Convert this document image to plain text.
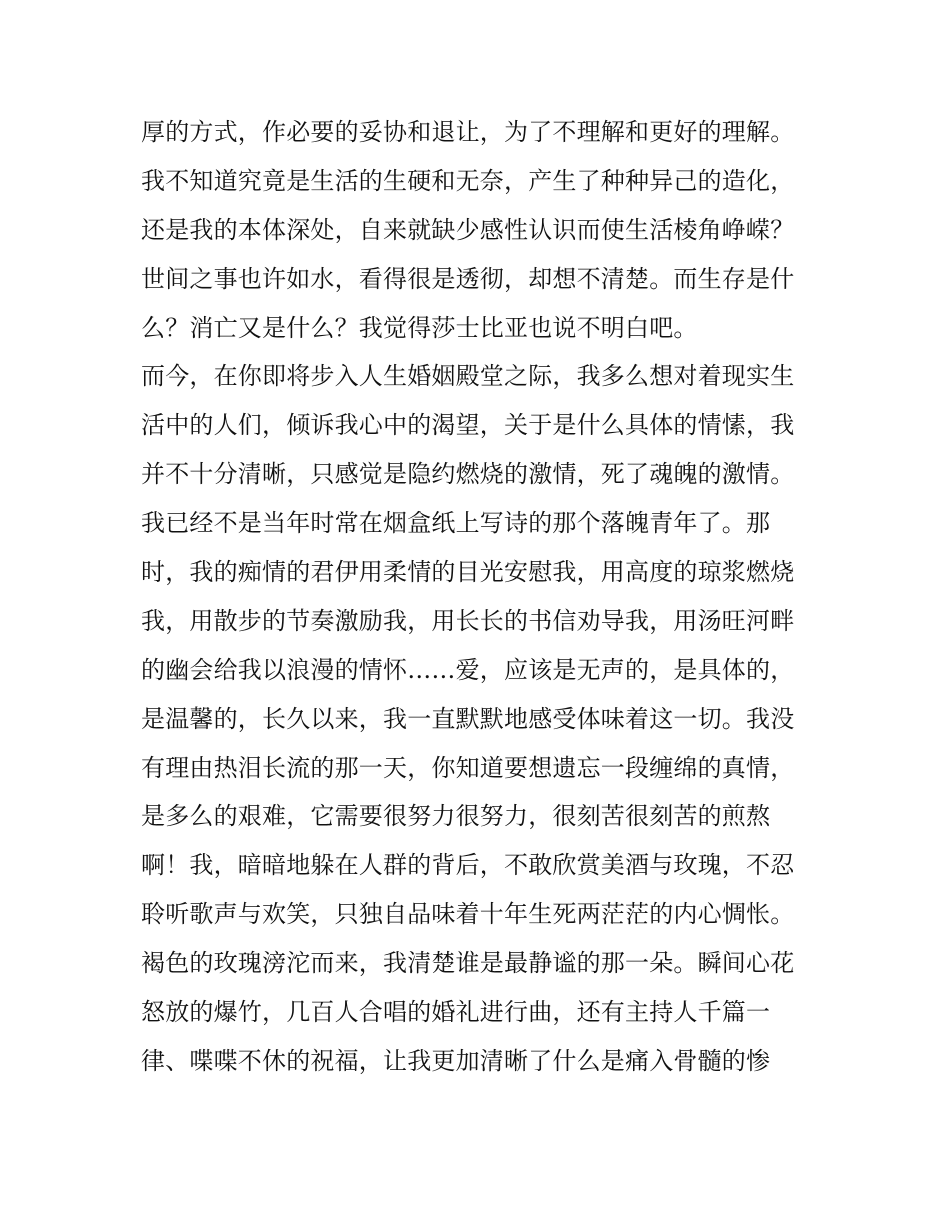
厚的方式，作必要的妥协和退让，为了不理解和更好的理解。
我不知道究竟是生活的生硬和无奈，产生了种种异己的造化，
还是我的本体深处，自来就缺少感性认识而使生活棱角峥嵘？
世间之事也许如水，看得很是透彻，却想不清楚。而生存是什
么？消亡又是什么？我觉得莎士比亚也说不明白吧。
而今，在你即将步入人生婚姻殿堂之际，我多么想对着现实生
活中的人们，倾诉我心中的渴望，关于是什么具体的情愫，我
并不十分清晰，只感觉是隐约燃烧的激情，死了魂魄的激情。
我已经不是当年时常在烟盒纸上写诗的那个落魄青年了。那
时，我的痴情的君伊用柔情的目光安慰我，用高度的琼浆燃烧
我，用散步的节奏激励我，用长长的书信劝导我，用汤旺河畔
的幽会给我以浪漫的情怀……爱，应该是无声的，是具体的，
是温馨的，长久以来，我一直默默地感受体味着这一切。我没
有理由热泪长流的那一天，你知道要想遗忘一段缠绵的真情，
是多么的艰难，它需要很努力很努力，很刻苦很刻苦的煎熬
啊！我，暗暗地躲在人群的背后，不敢欣赏美酒与玫瑰，不忍
聆听歌声与欢笑，只独自品味着十年生死两茫茫的内心惆怅。
褐色的玫瑰滂沱而来，我清楚谁是最静谧的那一朵。瞬间心花
怒放的爆竹，几百人合唱的婚礼进行曲，还有主持人千篇一
律、喋喋不休的祝福，让我更加清晰了什么是痛入骨髓的惨
